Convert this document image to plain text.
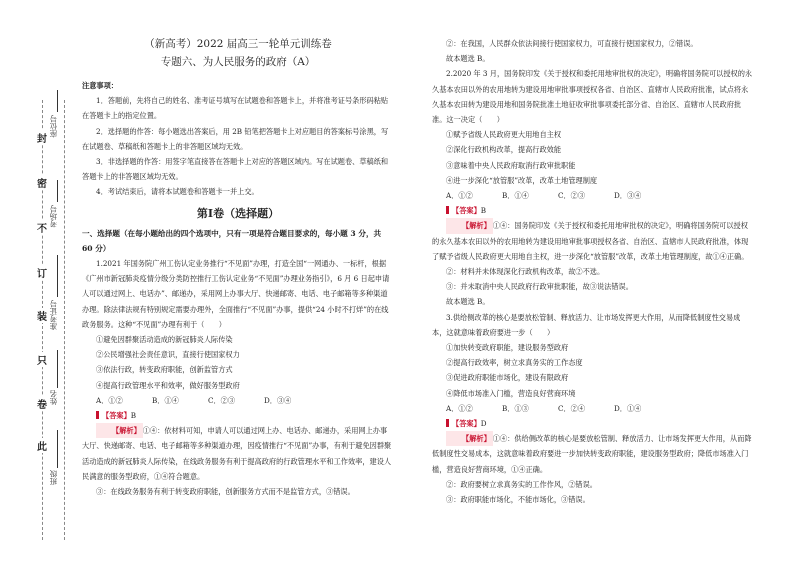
封
密
不
订
装
只
卷
此
座位号
考场号
准考证号
姓名
班级
（新高考）2022 届高三一轮单元训练卷
专题六、为人民服务的政府（A）
注意事项：

1．答题前，先将自己的姓名、准考证号填写在试题卷和答题卡上，并将准考证号条形码粘贴在答题卡上的指定位置。

2．选择题的作答：每小题选出答案后，用 2B 铅笔把答题卡上对应题目的答案标号涂黑，写在试题卷、草稿纸和答题卡上的非答题区域均无效。

3．非选择题的作答：用签字笔直接答在答题卡上对应的答题区域内。写在试题卷、草稿纸和答题卡上的非答题区域均无效。

4．考试结束后，请将本试题卷和答题卡一并上交。

第Ⅰ卷（选择题）
一、选择题（在每小题给出的四个选项中，只有一项是符合题目要求的，每小题 3 分，共 60 分）

1.2021 年国务院广州工伤认定业务推行“不见面”办理，打造全国“一网通办、一标杆，根据《广州市新冠肺炎疫情分级分类防控推行工伤认定业务“不见面”办理业务指引》，6 月 6 日起申请人可以通过网上、电话办”、邮递办，采用网上办事大厅、快递邮寄、电话、电子邮箱等多种渠道办理。除法律法规有特别规定需要办理外，全面推行“不见面”办事，提供“24 小时不打烊”的在线政务服务。这种“不见面”办理有利于（　　）

①避免因群聚活动造成的新冠肺炎人际传染

②公民增强社会责任意识，直接行使国家权力

③依法行政，转变政府职能，创新监管方式

④提高行政管理水平和效率，做好服务型政府

A．①②	B．①④	C．②③	D．③④

【答案】B

【解析】 ①④：依材料可知，申请人可以通过网上办、电话办、邮递办，采用网上办事大厅、快递邮寄、电话、电子邮箱等多种渠道办理，因疫情推行“不见面”办事，有利于避免因群聚活动造成的新冠肺炎人际传染，在线政务服务有利于提高政府的行政管理水平和工作效率，建设人民满意的服务型政府，①④符合题意。

③：在线政务服务有利于转变政府职能，创新服务方式而不是监管方式，③错误。

②：在我国，人民群众依法间接行使国家权力，可直接行使国家权力，②错误。

故本题选 B。

2.2020 年 3 月，国务院印发《关于授权和委托用地审批权的决定》，明确将国务院可以授权的永久基本农田以外的农用地转为建设用地审批事项授权各省、自治区、直辖市人民政府批准，试点将永久基本农田转为建设用地和国务院批准土地征收审批事项委托部分省、自治区、直辖市人民政府批准。这一决定（　　）

①赋予省级人民政府更大用地自主权

②深化行政机构改革，提高行政效能

③意味着中央人民政府取消行政审批职能

④进一步深化“放管服”改革，改革土地管理制度

A．①②	B．①④	C．②③	D．③④

【答案】B

【解析】 ①④：国务院印发《关于授权和委托用地审批权的决定》，明确将国务院可以授权的永久基本农田以外的农用地转为建设用地审批事项授权各省、自治区、直辖市人民政府批准，体现了赋予省级人民政府更大用地自主权，进一步深化“放管服”改革，改革土地管理制度，故①④正确。

②：材料并未体现深化行政机构改革，故②不选。

③：并未取消中央人民政府行政审批职能，故③说法错误。

故本题选 B。

3.供给侧改革的核心是要放松管制、释放活力、让市场发挥更大作用，从而降低制度性交易成本，这就意味着政府要进一步（　　）

①加快转变政府职能，建设服务型政府

②提高行政效率，树立求真务实的工作态度

③促进政府职能市场化，建设有限政府

④降低市场准入门槛，营造良好营商环境

A．①②	B．①③	C．②④	D．①④

【答案】D

【解析】 ①④：供给侧改革的核心是要放松管制、释放活力、让市场发挥更大作用，从而降低制度性交易成本，这就意味着政府要进一步加快转变政府职能，建设服务型政府；降低市场准入门槛，营造良好营商环境，①④正确。

②：政府要树立求真务实的工作作风，②错误。

③：政府职能市场化，不能市场化，③错误。
